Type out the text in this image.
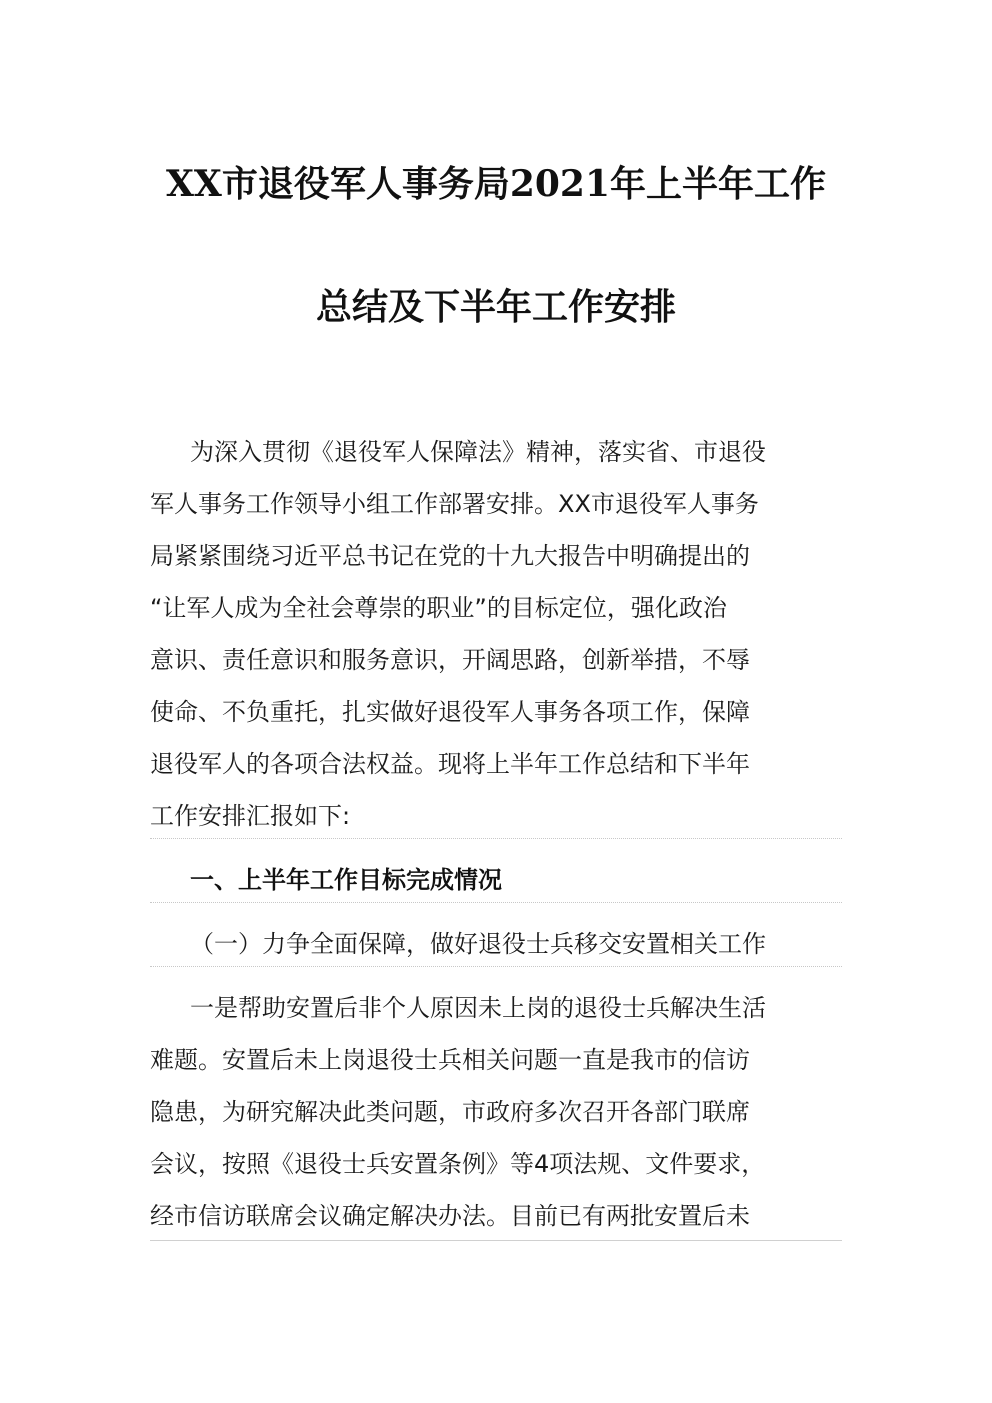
XX市退役军人事务局2021年上半年工作
总结及下半年工作安排
为深入贯彻《退役军人保障法》精神，落实省、市退役
军人事务工作领导小组工作部署安排。XX市退役军人事务
局紧紧围绕习近平总书记在党的十九大报告中明确提出的
“让军人成为全社会尊崇的职业”的目标定位，强化政治
意识、责任意识和服务意识，开阔思路，创新举措，不辱
使命、不负重托，扎实做好退役军人事务各项工作，保障
退役军人的各项合法权益。现将上半年工作总结和下半年
工作安排汇报如下:
一、上半年工作目标完成情况
（一）力争全面保障，做好退役士兵移交安置相关工作
一是帮助安置后非个人原因未上岗的退役士兵解决生活
难题。安置后未上岗退役士兵相关问题一直是我市的信访
隐患，为研究解决此类问题，市政府多次召开各部门联席
会议，按照《退役士兵安置条例》等4项法规、文件要求，
经市信访联席会议确定解决办法。目前已有两批安置后未
